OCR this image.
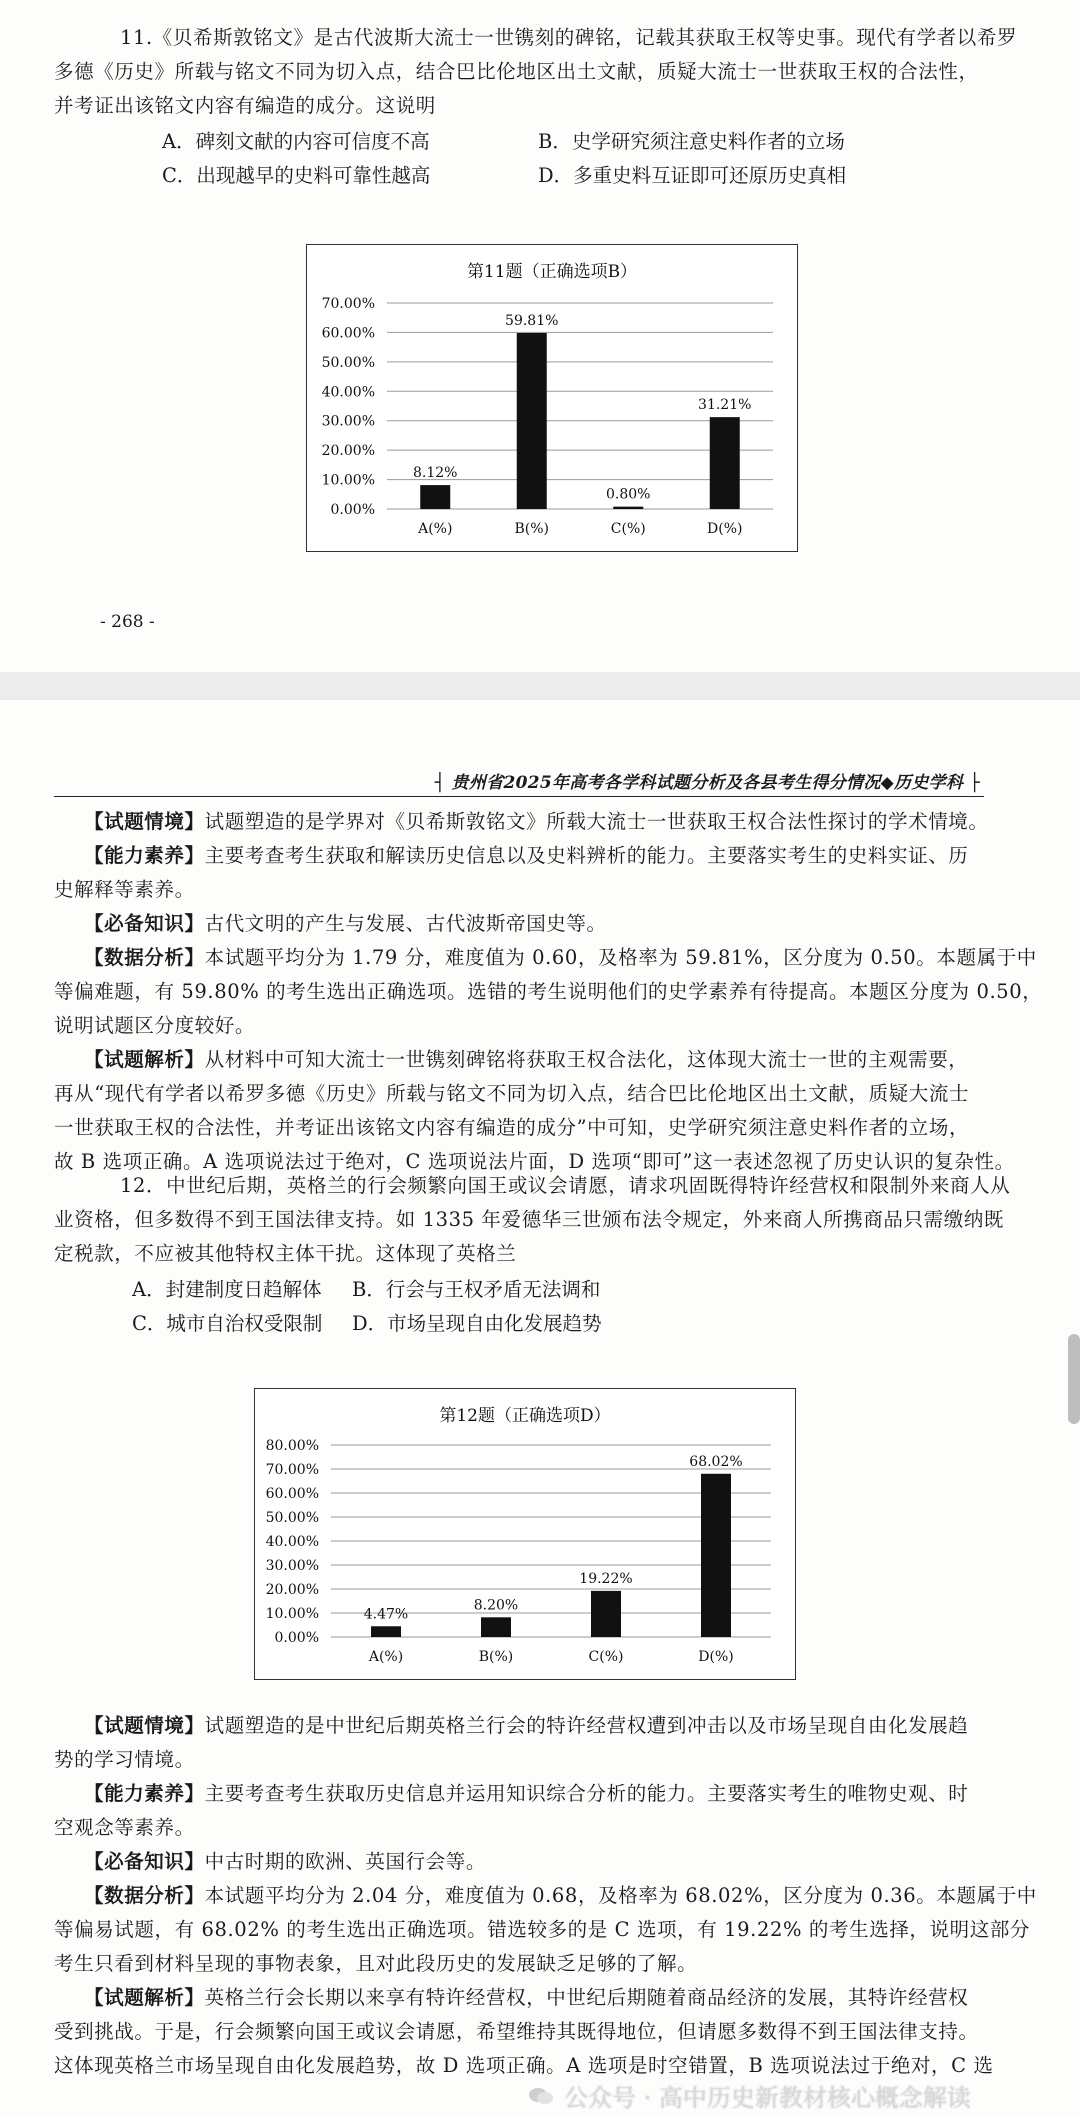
11.《贝希斯敦铭文》是古代波斯大流士一世镌刻的碑铭，记载其获取王权等史事。现代有学者以希罗
多德《历史》所载与铭文不同为切入点，结合巴比伦地区出土文献，质疑大流士一世获取王权的合法性，
并考证出该铭文内容有编造的成分。这说明
A．碑刻文献的内容可信度不高	B．史学研究须注意史料作者的立场
C．出现越早的史料可靠性越高	D．多重史料互证即可还原历史真相
第11题（正确选项B）
0.00%
10.00%
20.00%
30.00%
40.00%
50.00%
60.00%
70.00%
8.12%
A(%)
59.81%
B(%)
0.80%
C(%)
31.21%
D(%)
- 268 -
┤ 贵州省2025年高考各学科试题分析及各县考生得分情况◆历史学科 ├
【试题情境】试题塑造的是学界对《贝希斯敦铭文》所载大流士一世获取王权合法性探讨的学术情境。
【能力素养】主要考查考生获取和解读历史信息以及史料辨析的能力。主要落实考生的史料实证、历
史解释等素养。
【必备知识】古代文明的产生与发展、古代波斯帝国史等。
【数据分析】本试题平均分为 1.79 分，难度值为 0.60，及格率为 59.81%，区分度为 0.50。本题属于中
等偏难题，有 59.80% 的考生选出正确选项。选错的考生说明他们的史学素养有待提高。本题区分度为 0.50，
说明试题区分度较好。
【试题解析】从材料中可知大流士一世镌刻碑铭将获取王权合法化，这体现大流士一世的主观需要，
再从“现代有学者以希罗多德《历史》所载与铭文不同为切入点，结合巴比伦地区出土文献，质疑大流士
一世获取王权的合法性，并考证出该铭文内容有编造的成分”中可知，史学研究须注意史料作者的立场，
故 B 选项正确。A 选项说法过于绝对，C 选项说法片面，D 选项“即可”这一表述忽视了历史认识的复杂性。
12．中世纪后期，英格兰的行会频繁向国王或议会请愿，请求巩固既得特许经营权和限制外来商人从
业资格，但多数得不到王国法律支持。如 1335 年爱德华三世颁布法令规定，外来商人所携商品只需缴纳既
定税款，不应被其他特权主体干扰。这体现了英格兰
A．封建制度日趋解体 B．行会与王权矛盾无法调和
C．城市自治权受限制 D．市场呈现自由化发展趋势
第12题（正确选项D）
0.00%
10.00%
20.00%
30.00%
40.00%
50.00%
60.00%
70.00%
80.00%
4.47%
A(%)
8.20%
B(%)
19.22%
C(%)
68.02%
D(%)
【试题情境】试题塑造的是中世纪后期英格兰行会的特许经营权遭到冲击以及市场呈现自由化发展趋
势的学习情境。
【能力素养】主要考查考生获取历史信息并运用知识综合分析的能力。主要落实考生的唯物史观、时
空观念等素养。
【必备知识】中古时期的欧洲、英国行会等。
【数据分析】本试题平均分为 2.04 分，难度值为 0.68，及格率为 68.02%，区分度为 0.36。本题属于中
等偏易试题，有 68.02% 的考生选出正确选项。错选较多的是 C 选项，有 19.22% 的考生选择，说明这部分
考生只看到材料呈现的事物表象，且对此段历史的发展缺乏足够的了解。
【试题解析】英格兰行会长期以来享有特许经营权，中世纪后期随着商品经济的发展，其特许经营权
受到挑战。于是，行会频繁向国王或议会请愿，希望维持其既得地位，但请愿多数得不到王国法律支持。
这体现英格兰市场呈现自由化发展趋势，故 D 选项正确。A 选项是时空错置，B 选项说法过于绝对，C 选
公众号 · 高中历史新教材核心概念解读
